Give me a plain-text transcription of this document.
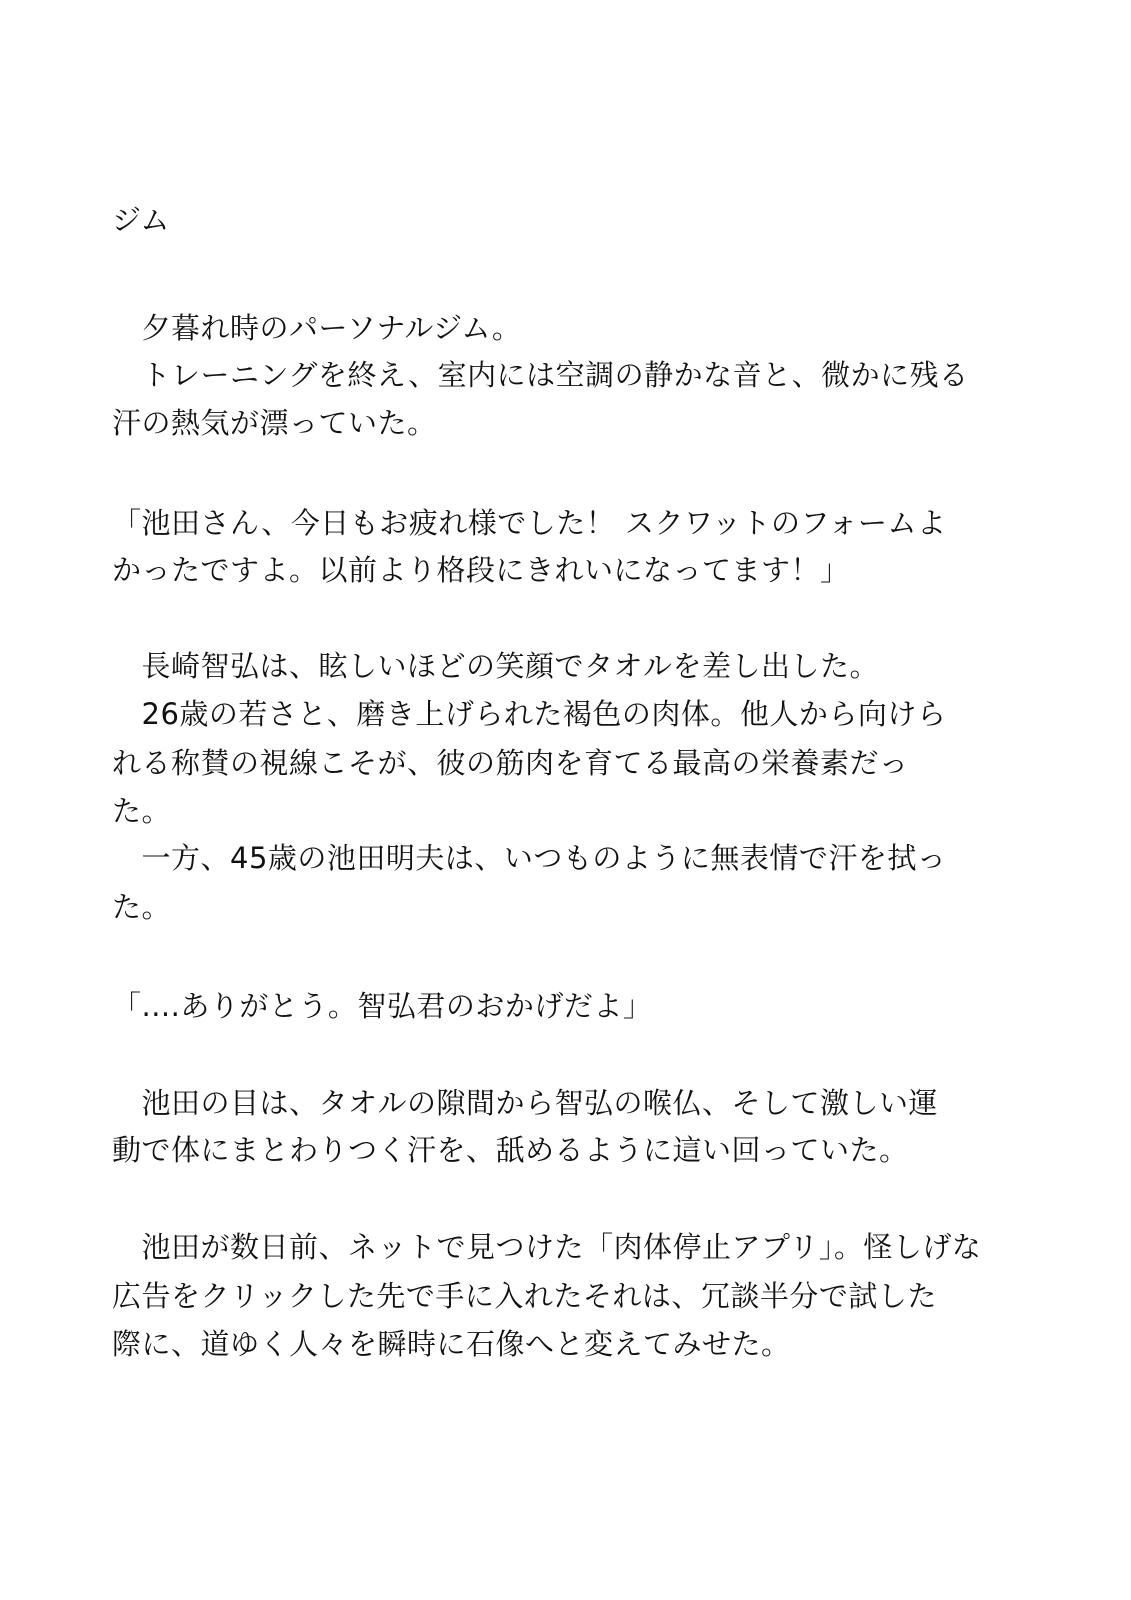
ジム
　夕暮れ時のパーソナルジム。
　トレーニングを終え、室内には空調の静かな音と、微かに残る
汗の熱気が漂っていた。
「池田さん、今日もお疲れ様でした！ スクワットのフォームよ
かったですよ。以前より格段にきれいになってます！」
　長崎智弘は、眩しいほどの笑顔でタオルを差し出した。
　26歳の若さと、磨き上げられた褐色の肉体。他人から向けら
れる称賛の視線こそが、彼の筋肉を育てる最高の栄養素だっ
た。
　一方、45歳の池田明夫は、いつものように無表情で汗を拭っ
た。
「....ありがとう。智弘君のおかげだよ」
　池田の目は、タオルの隙間から智弘の喉仏、そして激しい運
動で体にまとわりつく汗を、舐めるように這い回っていた。
　池田が数日前、ネットで見つけた「肉体停止アプリ」。怪しげな
広告をクリックした先で手に入れたそれは、冗談半分で試した
際に、道ゆく人々を瞬時に石像へと変えてみせた。
